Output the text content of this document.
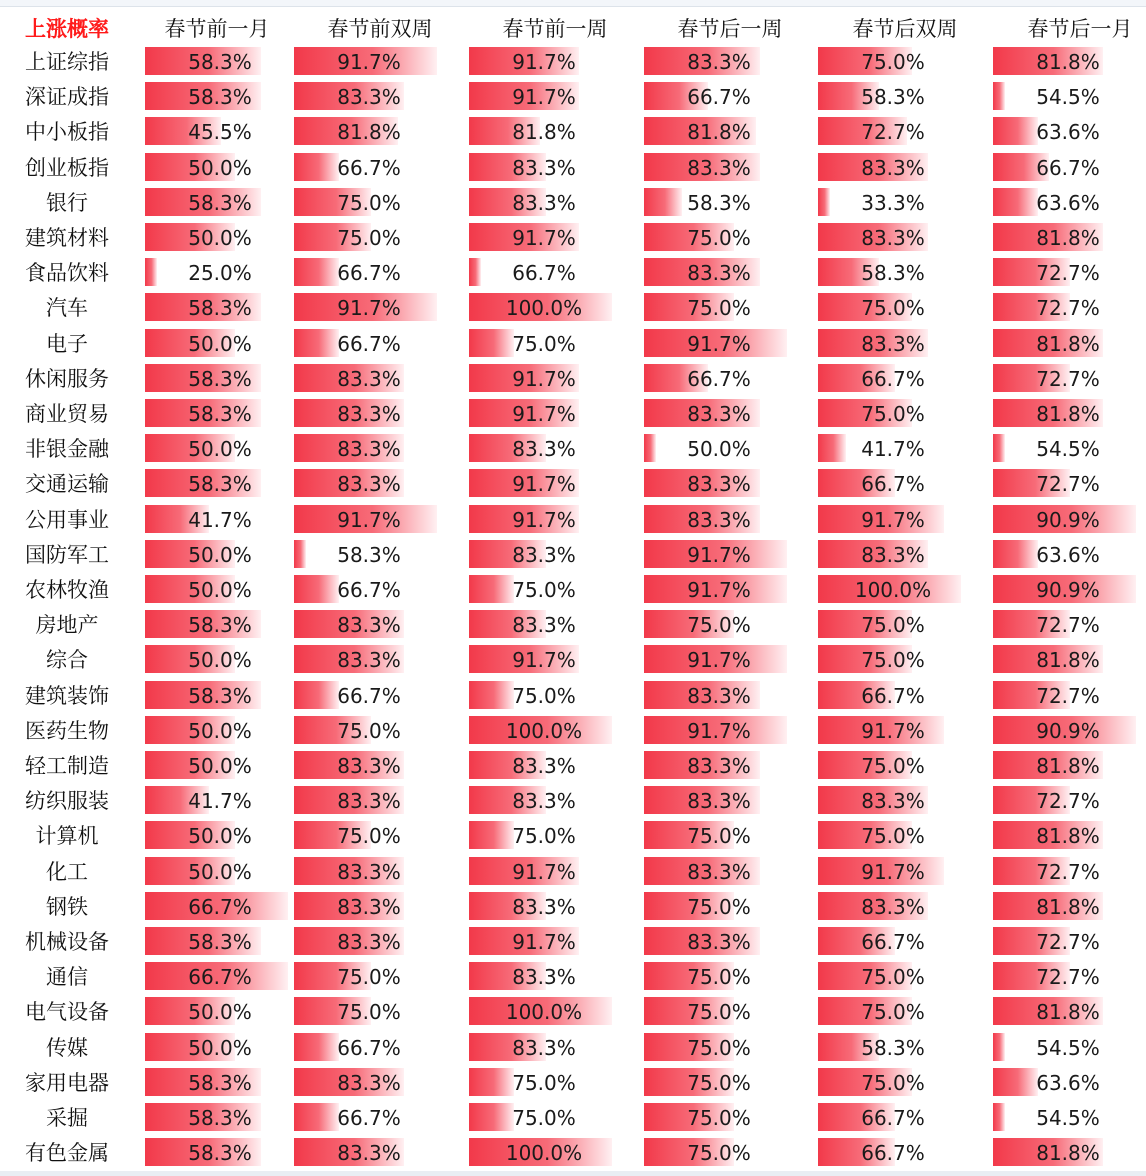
上涨概率	春节前一月	春节前双周	春节前一周	春节后一周	春节后双周	春节后一月
上证综指	58.3%	91.7%	91.7%	83.3%	75.0%	81.8%
深证成指	58.3%	83.3%	91.7%	66.7%	58.3%	54.5%
中小板指	45.5%	81.8%	81.8%	81.8%	72.7%	63.6%
创业板指	50.0%	66.7%	83.3%	83.3%	83.3%	66.7%
银行	58.3%	75.0%	83.3%	58.3%	33.3%	63.6%
建筑材料	50.0%	75.0%	91.7%	75.0%	83.3%	81.8%
食品饮料	25.0%	66.7%	66.7%	83.3%	58.3%	72.7%
汽车	58.3%	91.7%	100.0%	75.0%	75.0%	72.7%
电子	50.0%	66.7%	75.0%	91.7%	83.3%	81.8%
休闲服务	58.3%	83.3%	91.7%	66.7%	66.7%	72.7%
商业贸易	58.3%	83.3%	91.7%	83.3%	75.0%	81.8%
非银金融	50.0%	83.3%	83.3%	50.0%	41.7%	54.5%
交通运输	58.3%	83.3%	91.7%	83.3%	66.7%	72.7%
公用事业	41.7%	91.7%	91.7%	83.3%	91.7%	90.9%
国防军工	50.0%	58.3%	83.3%	91.7%	83.3%	63.6%
农林牧渔	50.0%	66.7%	75.0%	91.7%	100.0%	90.9%
房地产	58.3%	83.3%	83.3%	75.0%	75.0%	72.7%
综合	50.0%	83.3%	91.7%	91.7%	75.0%	81.8%
建筑装饰	58.3%	66.7%	75.0%	83.3%	66.7%	72.7%
医药生物	50.0%	75.0%	100.0%	91.7%	91.7%	90.9%
轻工制造	50.0%	83.3%	83.3%	83.3%	75.0%	81.8%
纺织服装	41.7%	83.3%	83.3%	83.3%	83.3%	72.7%
计算机	50.0%	75.0%	75.0%	75.0%	75.0%	81.8%
化工	50.0%	83.3%	91.7%	83.3%	91.7%	72.7%
钢铁	66.7%	83.3%	83.3%	75.0%	83.3%	81.8%
机械设备	58.3%	83.3%	91.7%	83.3%	66.7%	72.7%
通信	66.7%	75.0%	83.3%	75.0%	75.0%	72.7%
电气设备	50.0%	75.0%	100.0%	75.0%	75.0%	81.8%
传媒	50.0%	66.7%	83.3%	75.0%	58.3%	54.5%
家用电器	58.3%	83.3%	75.0%	75.0%	75.0%	63.6%
采掘	58.3%	66.7%	75.0%	75.0%	66.7%	54.5%
有色金属	58.3%	83.3%	100.0%	75.0%	66.7%	81.8%
